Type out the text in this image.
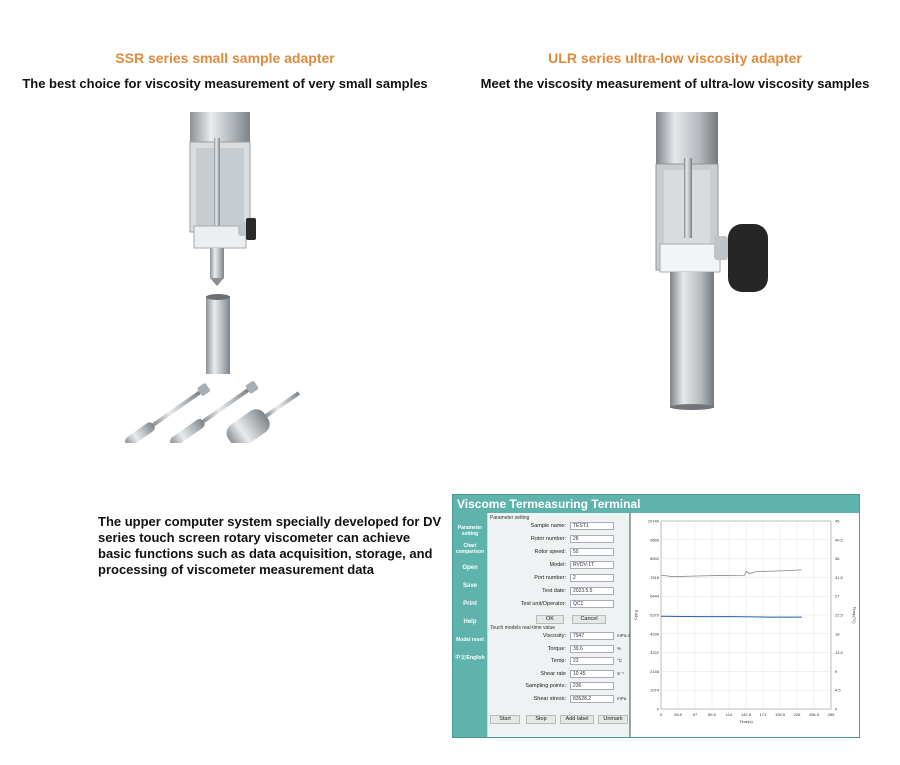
SSR series small sample adapter
The best choice for viscosity measurement of very small samples
ULR series ultra-low viscosity adapter
Meet the viscosity measurement of ultra-low viscosity samples
The upper computer system specially developed for DV series touch screen rotary viscometer can achieve basic functions such as data acquisition, storage, and processing of viscometer measurement data
Viscome Termeasuring Terminal
Parameter setting
Chart comparison
Open
Save
Print
Help
Model reset
中文/English
Parameter setting
Sample name:	TEST1
Rotor number:	28
Rotor speed:	50
Model:	RVDV-1T
Port number:	2
Test date:	2023.5.5
Test unit/Operator:	QC1
OK	Cancel
Touch models real-time value
Viscosity:	7947	mPa.s
Torque:	39.6	%
Temp:	22	°C
Shear rate	10.45	S⁻¹
Sampling points:	236
Shear stress:	83528.2	mPa
Start	Stop	Add label	Unmark
0	28.5	57	85.5 114 142.5 171 199.5 228 256.5 285
0
1074
2148
3222
4296
5370
6444
7518
8592
9666
10740
0
4.5
9
13.5
18
22.5
27
31.5
36
40.5
45
Time(s)
Cp(η)	Temp(°C)
